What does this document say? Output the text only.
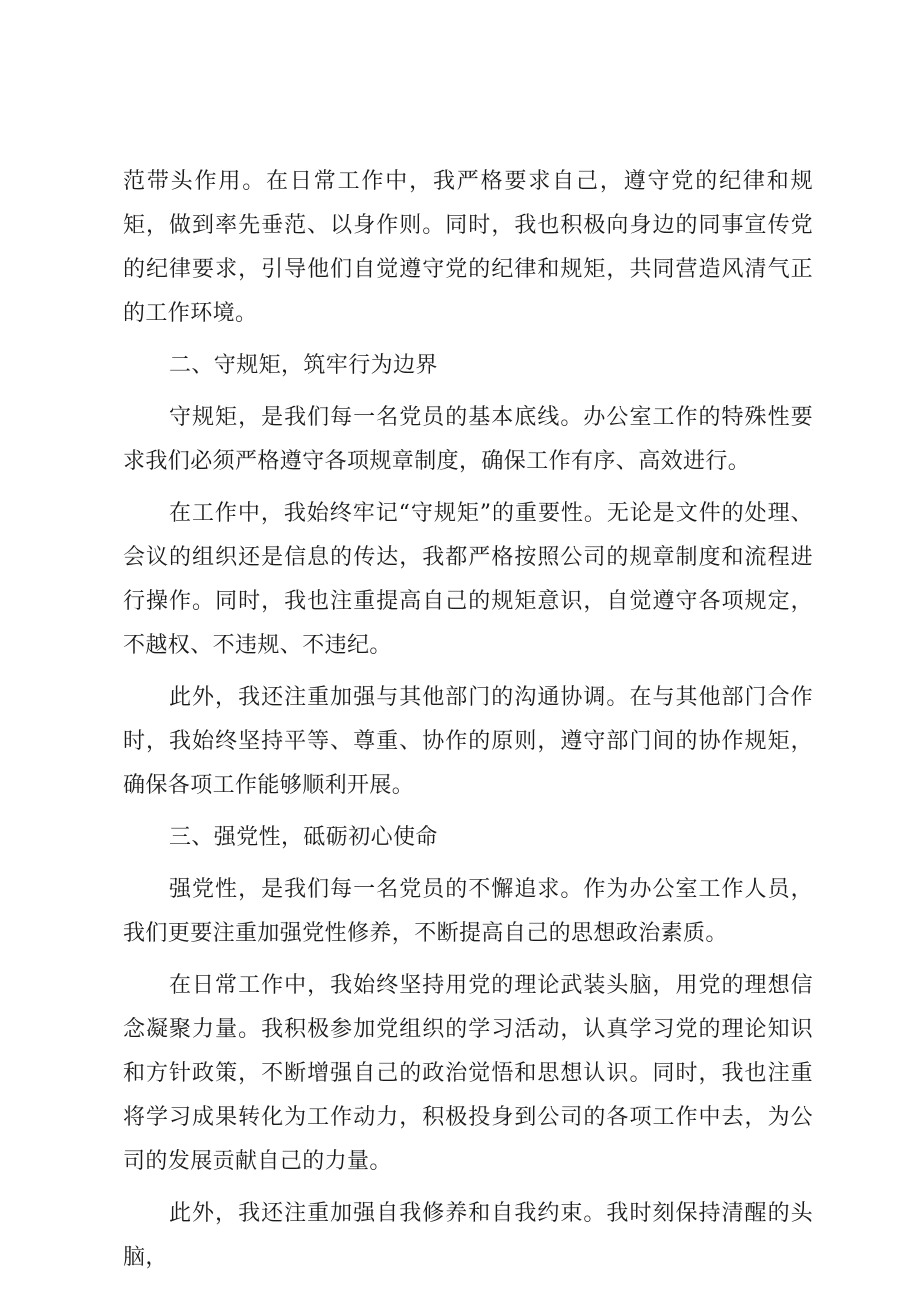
范带头作用。在日常工作中，我严格要求自己，遵守党的纪律和规矩，做到率先垂范、以身作则。同时，我也积极向身边的同事宣传党的纪律要求，引导他们自觉遵守党的纪律和规矩，共同营造风清气正的工作环境。

二、守规矩，筑牢行为边界

守规矩，是我们每一名党员的基本底线。办公室工作的特殊性要求我们必须严格遵守各项规章制度，确保工作有序、高效进行。

在工作中，我始终牢记“守规矩”的重要性。无论是文件的处理、会议的组织还是信息的传达，我都严格按照公司的规章制度和流程进行操作。同时，我也注重提高自己的规矩意识，自觉遵守各项规定，不越权、不违规、不违纪。

此外，我还注重加强与其他部门的沟通协调。在与其他部门合作时，我始终坚持平等、尊重、协作的原则，遵守部门间的协作规矩，确保各项工作能够顺利开展。

三、强党性，砥砺初心使命

强党性，是我们每一名党员的不懈追求。作为办公室工作人员，我们更要注重加强党性修养，不断提高自己的思想政治素质。

在日常工作中，我始终坚持用党的理论武装头脑，用党的理想信念凝聚力量。我积极参加党组织的学习活动，认真学习党的理论知识和方针政策，不断增强自己的政治觉悟和思想认识。同时，我也注重将学习成果转化为工作动力，积极投身到公司的各项工作中去，为公司的发展贡献自己的力量。

此外，我还注重加强自我修养和自我约束。我时刻保持清醒的头脑，
